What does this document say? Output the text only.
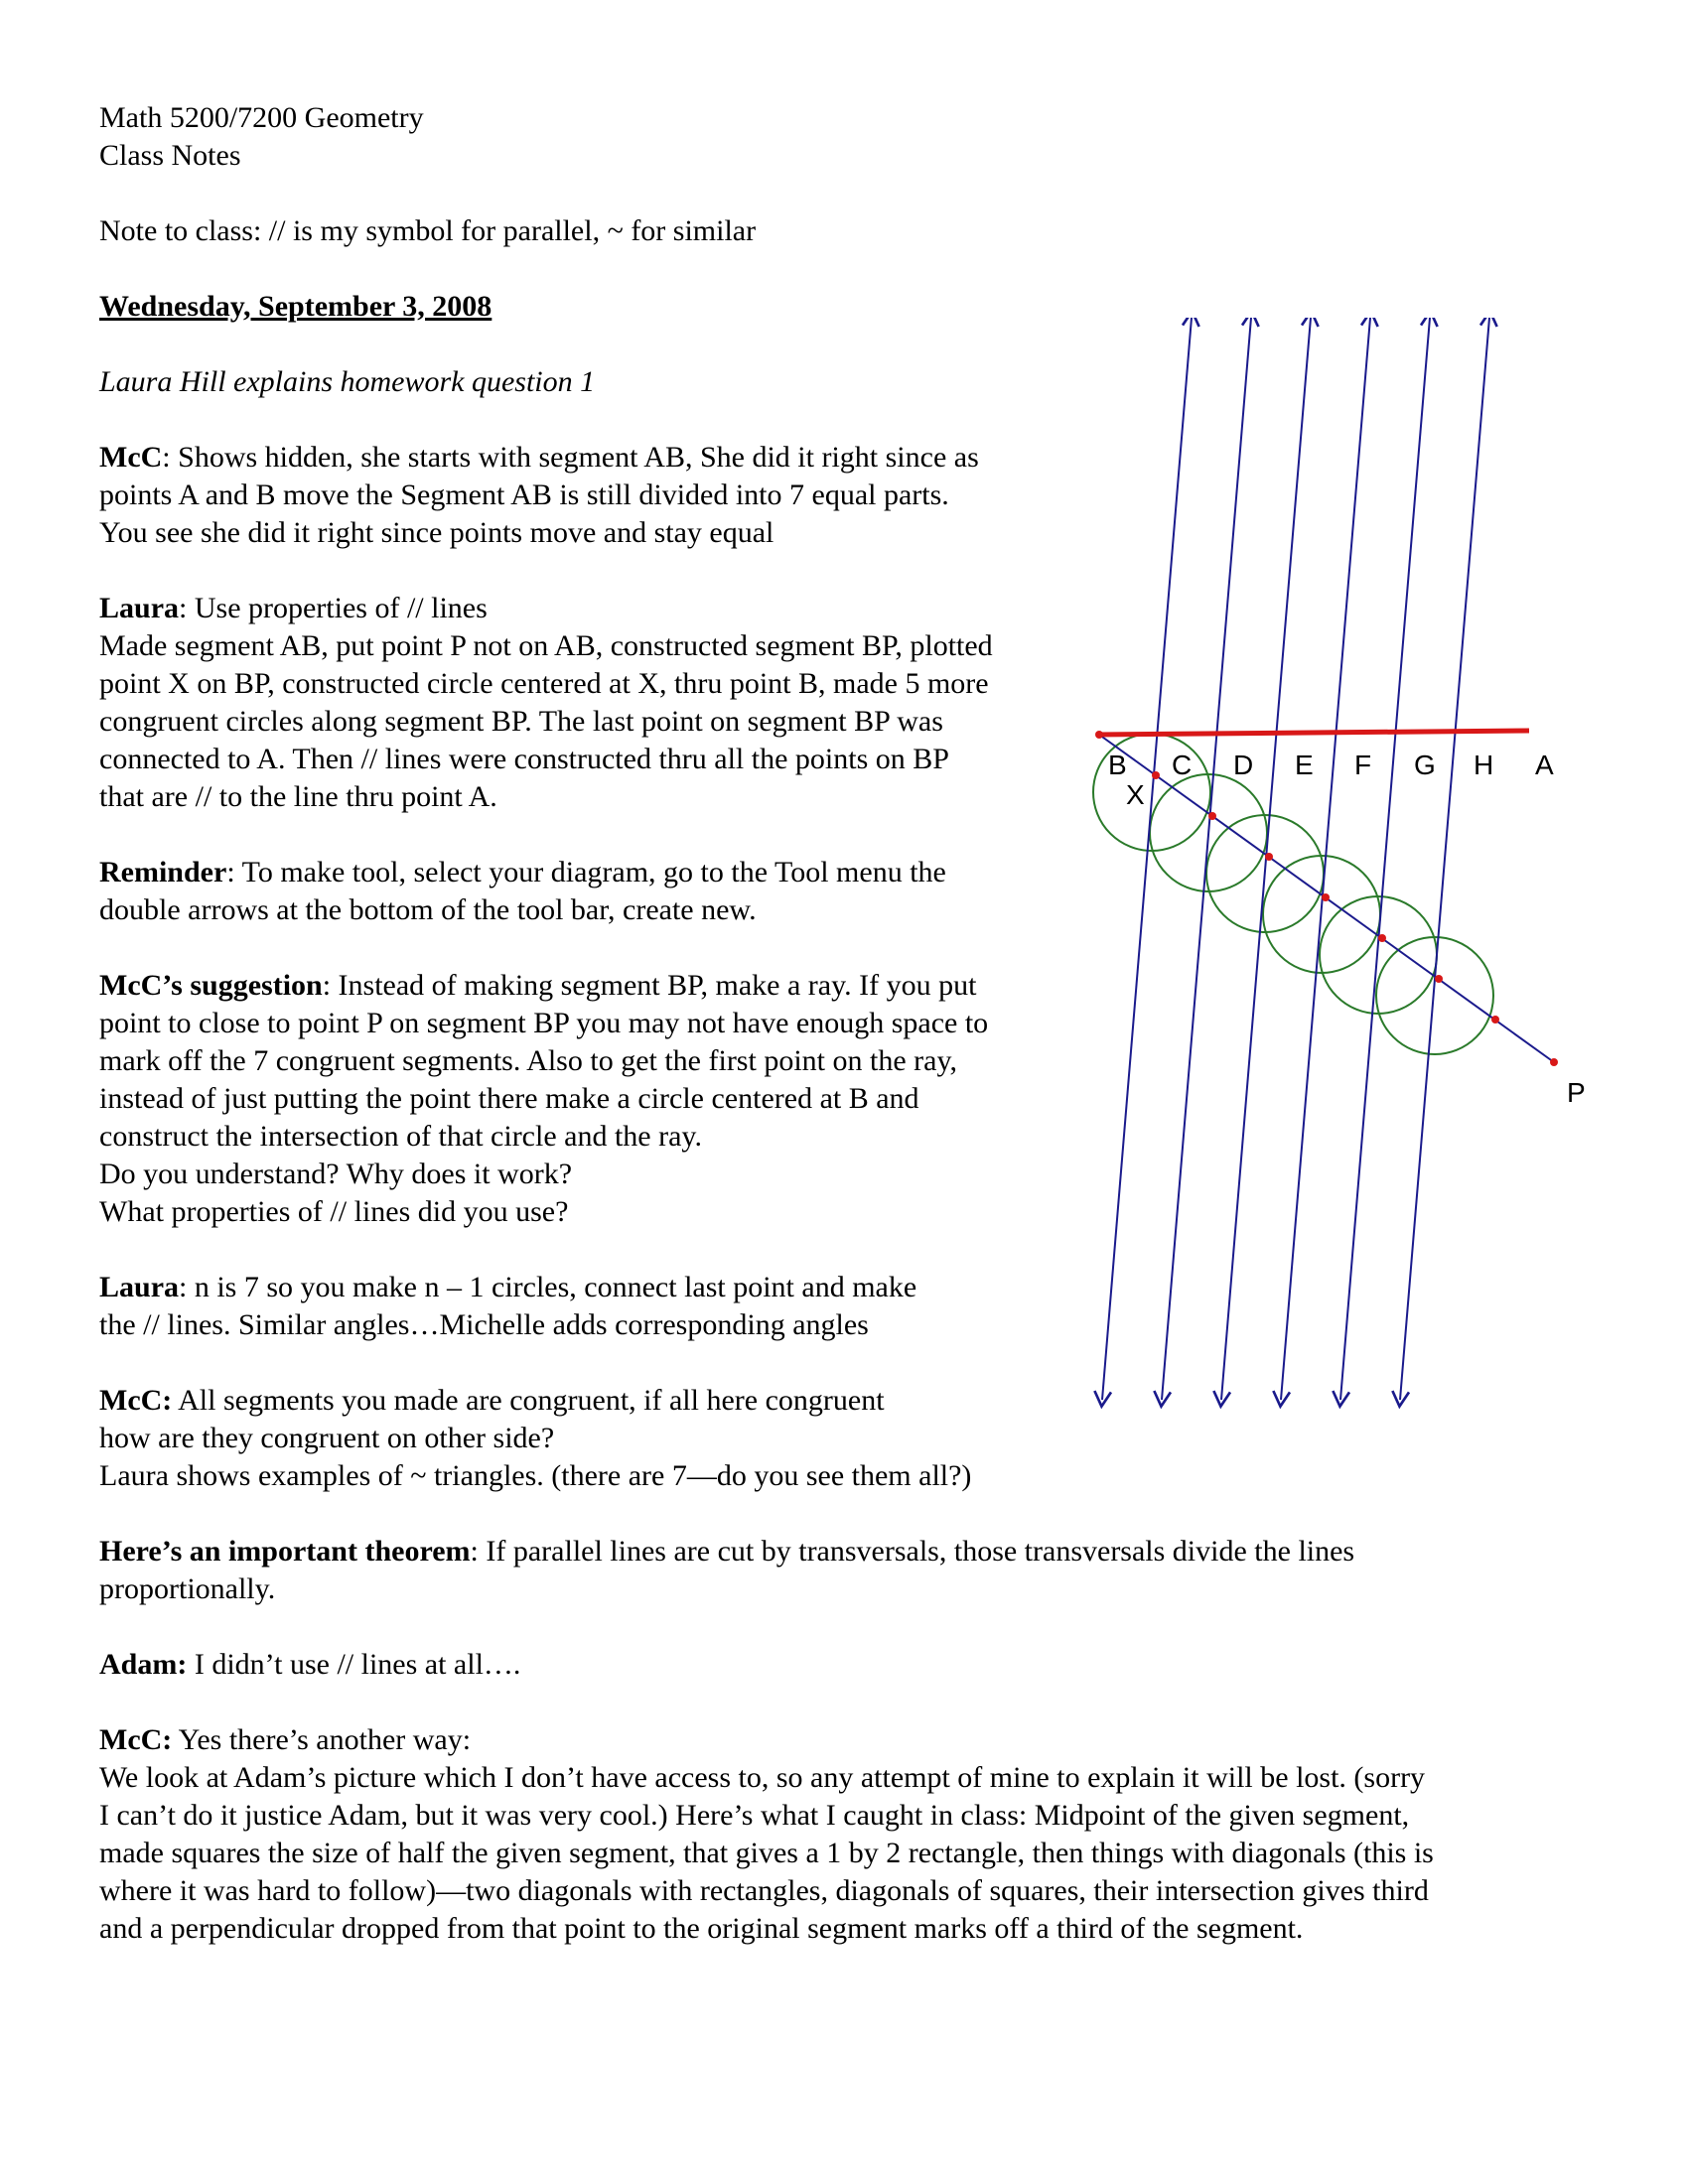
Math 5200/7200 Geometry
Class Notes
Note to class: // is my symbol for parallel, ~ for similar
Wednesday, September 3, 2008
Laura Hill explains homework question 1
McC: Shows hidden, she starts with segment AB, She did it right since as
points A and B move the Segment AB is still divided into 7 equal parts.
You see she did it right since points move and stay equal
Laura: Use properties of // lines
Made segment AB, put point P not on AB, constructed segment BP, plotted
point X on BP, constructed circle centered at X, thru point B, made 5 more
congruent circles along segment BP. The last point on segment BP was
connected to A. Then // lines were constructed thru all the points on BP
that are // to the line thru point A.
Reminder: To make tool, select your diagram, go to the Tool menu the
double arrows at the bottom of the tool bar, create new.
McC’s suggestion: Instead of making segment BP, make a ray. If you put
point to close to point P on segment BP you may not have enough space to
mark off the 7 congruent segments. Also to get the first point on the ray,
instead of just putting the point there make a circle centered at B and
construct the intersection of that circle and the ray.
Do you understand? Why does it work?
What properties of // lines did you use?
Laura: n is 7 so you make n – 1 circles, connect last point and make
the // lines. Similar angles…Michelle adds corresponding angles
McC: All segments you made are congruent, if all here congruent
how are they congruent on other side?
Laura shows examples of ~ triangles. (there are 7—do you see them all?)
Here’s an important theorem: If parallel lines are cut by transversals, those transversals divide the lines
proportionally.
Adam: I didn’t use // lines at all….
McC: Yes there’s another way:
We look at Adam’s picture which I don’t have access to, so any attempt of mine to explain it will be lost. (sorry
I can’t do it justice Adam, but it was very cool.) Here’s what I caught in class: Midpoint of the given segment,
made squares the size of half the given segment, that gives a 1 by 2 rectangle, then things with diagonals (this is
where it was hard to follow)—two diagonals with rectangles, diagonals of squares, their intersection gives third
and a perpendicular dropped from that point to the original segment marks off a third of the segment.
B C D E F G H A
X
P
